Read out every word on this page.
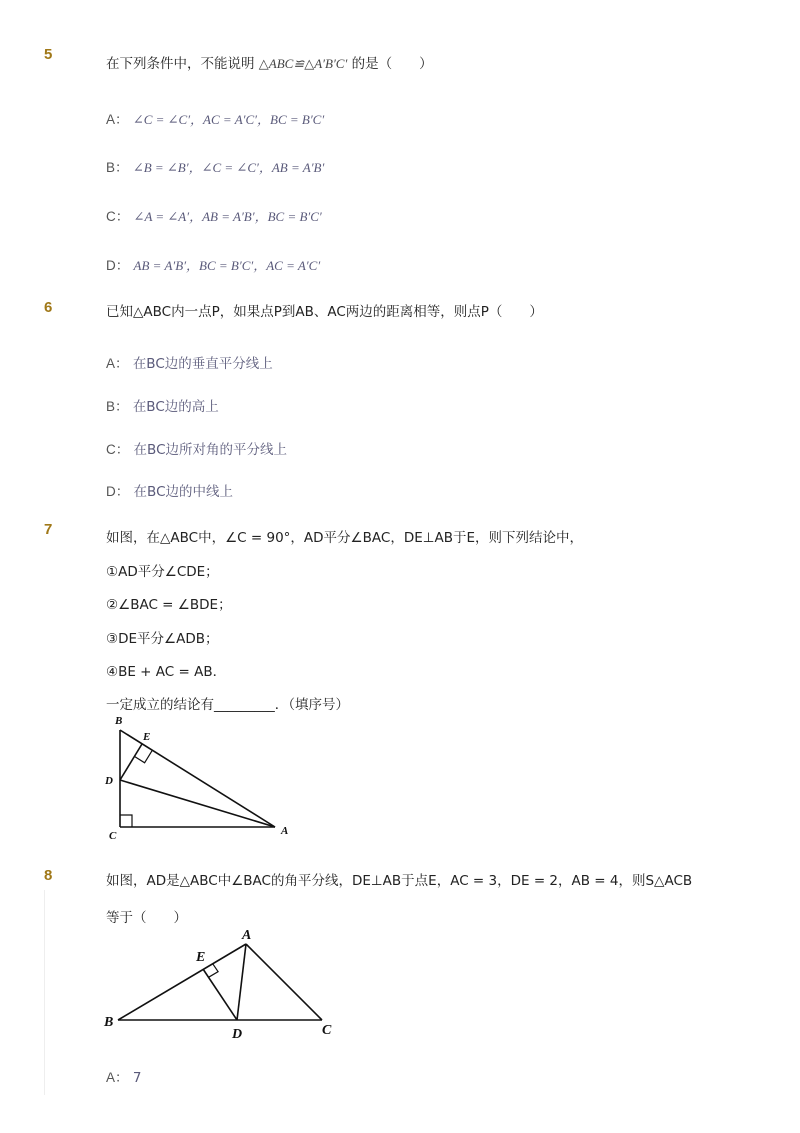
5
在下列条件中，不能说明 △ABC≌△A′B′C′ 的是（　　）
A： ∠C = ∠C′，AC = A′C′，BC = B′C′
B： ∠B = ∠B′，∠C = ∠C′，AB = A′B′
C： ∠A = ∠A′，AB = A′B′，BC = B′C′
D： AB = A′B′，BC = B′C′，AC = A′C′
6	已知△ABC内一点P，如果点P到AB、AC两边的距离相等，则点P（　　）
A： 在BC边的垂直平分线上
B： 在BC边的高上
C： 在BC边所对角的平分线上
D： 在BC边的中线上
7	如图，在△ABC中，∠C = 90°，AD平分∠BAC，DE⊥AB于E，则下列结论中，
①AD平分∠CDE；
②∠BAC = ∠BDE；
③DE平分∠ADB；
④BE + AC = AB．
一定成立的结论有_________．（填序号）
B
E
D
C	A
8	如图，AD是△ABC中∠BAC的角平分线，DE⊥AB于点E，AC = 3，DE = 2，AB = 4，则S△ACB
等于（　　）
A
E
B
D	C
A： 7
